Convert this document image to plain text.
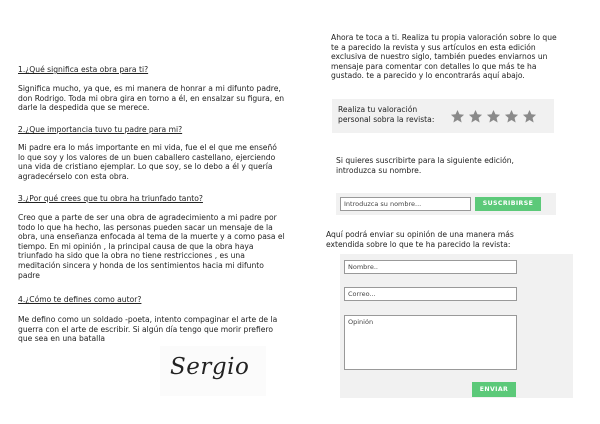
1.¿Qué significa esta obra para ti?
Significa mucho, ya que, es mi manera de honrar a mi difunto padre, don Rodrigo. Toda mi obra gira en torno a él, en ensalzar su figura, en darle la despedida que se merece.
2.¿Que importancia tuvo tu padre para mi?
Mi padre era lo más importante en mi vida, fue el el que me enseñó lo que soy y los valores de un buen caballero castellano, ejerciendo una vida de cristiano ejemplar. Lo que soy, se lo debo a él y quería agradecérselo con esta obra.
3.¿Por qué crees que tu obra ha triunfado tanto?
Creo que a parte de ser una obra de agradecimiento a mi padre por todo lo que ha hecho, las personas pueden sacar un mensaje de la obra, una enseñanza enfocada al tema de la muerte y a como pasa el tiempo. En mi opinión , la principal causa de que la obra haya triunfado ha sido que la obra no tiene restricciones , es una meditación sincera y honda de los sentimientos hacia mi difunto padre
4.¿Cómo te defines como autor?
Me defino como un soldado -poeta, intento compaginar el arte de la guerra con el arte de escribir. Si algún día tengo que morir prefiero que sea en una batalla
Sergio
Ahora te toca a ti. Realiza tu propia valoración sobre lo que te a parecido la revista y sus artículos en esta edición exclusiva de nuestro siglo, también puedes enviarnos un mensaje para comentar con detalles lo que más te ha gustado. te a parecido y lo encontrarás aquí abajo.
Realiza tu valoración personal sobra la revista:
Si quieres suscribirte para la siguiente edición, introduzca su nombre.
Introduzca su nombre...	SUSCRIBIRSE
Aquí podrá enviar su opinión de una manera más extendida sobre lo que te ha parecido la revista:
Nombre..
Correo...
Opinión
ENVIAR
